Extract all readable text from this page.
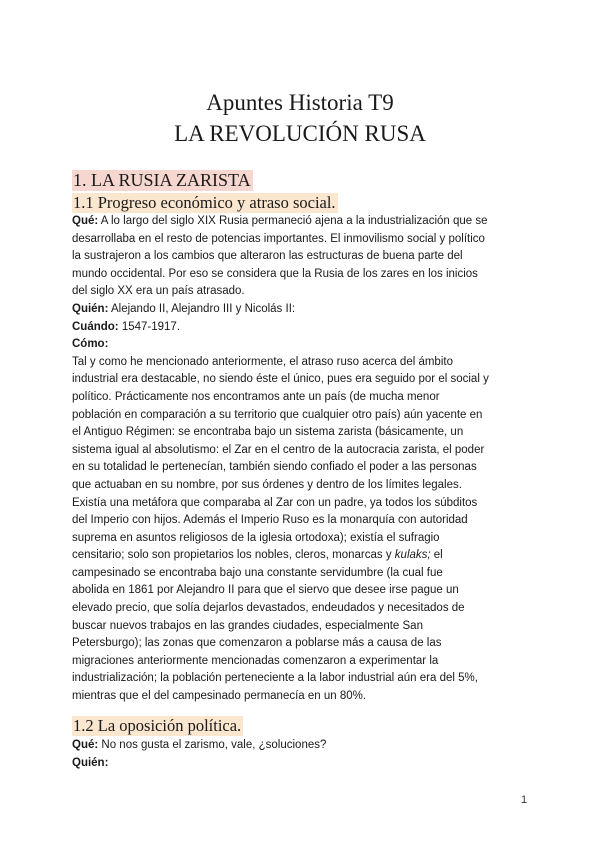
Apuntes Historia T9
LA REVOLUCIÓN RUSA
1. LA RUSIA ZARISTA
1.1 Progreso económico y atraso social.
Qué: A lo largo del siglo XIX Rusia permaneció ajena a la industrialización que se
desarrollaba en el resto de potencias importantes. El inmovilismo social y político
la sustrajeron a los cambios que alteraron las estructuras de buena parte del
mundo occidental. Por eso se considera que la Rusia de los zares en los inicios
del siglo XX era un país atrasado.
Quién: Alejando II, Alejandro III y Nicolás II:
Cuándo: 1547-1917.
Cómo:
Tal y como he mencionado anteriormente, el atraso ruso acerca del ámbito
industrial era destacable, no siendo éste el único, pues era seguido por el social y
político. Prácticamente nos encontramos ante un país (de mucha menor
población en comparación a su territorio que cualquier otro país) aún yacente en
el Antiguo Régimen: se encontraba bajo un sistema zarista (básicamente, un
sistema igual al absolutismo: el Zar en el centro de la autocracia zarista, el poder
en su totalidad le pertenecían, también siendo confiado el poder a las personas
que actuaban en su nombre, por sus órdenes y dentro de los límites legales.
Existía una metáfora que comparaba al Zar con un padre, ya todos los súbditos
del Imperio con hijos. Además el Imperio Ruso es la monarquía con autoridad
suprema en asuntos religiosos de la iglesia ortodoxa); existía el sufragio
censitario; solo son propietarios los nobles, cleros, monarcas y kulaks; el
campesinado se encontraba bajo una constante servidumbre (la cual fue
abolida en 1861 por Alejandro II para que el siervo que desee irse pague un
elevado precio, que solía dejarlos devastados, endeudados y necesitados de
buscar nuevos trabajos en las grandes ciudades, especialmente San
Petersburgo); las zonas que comenzaron a poblarse más a causa de las
migraciones anteriormente mencionadas comenzaron a experimentar la
industrialización; la población perteneciente a la labor industrial aún era del 5%,
mientras que el del campesinado permanecía en un 80%.
1.2 La oposición política.
Qué: No nos gusta el zarismo, vale, ¿soluciones?
Quién:
1
